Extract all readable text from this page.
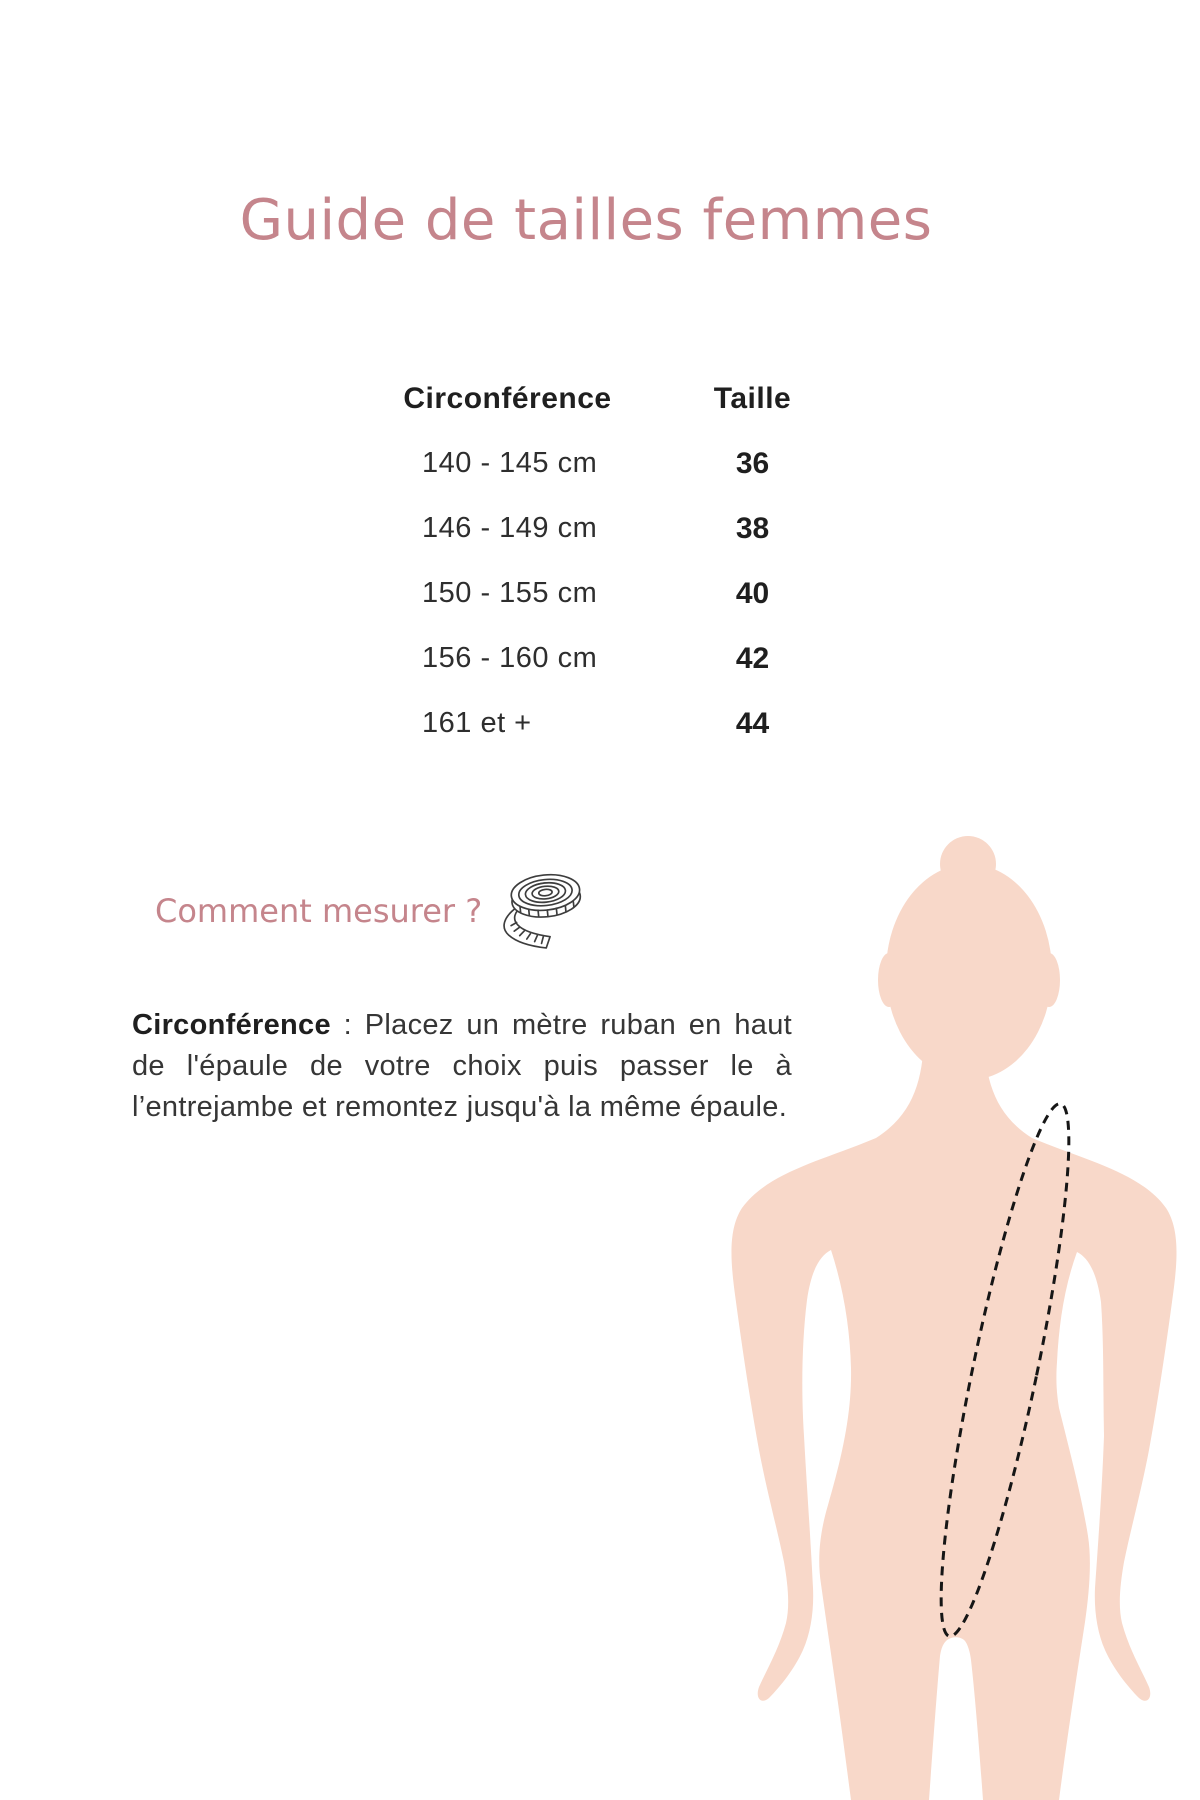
Guide de tailles femmes
Circonférence	Taille
140 - 145 cm	36
146 - 149 cm	38
150 - 155 cm	40
156 - 160 cm	42
161 et +	44
Comment mesurer ?

Circonférence : Placez un mètre ruban en haut de l'épaule de votre choix puis passer le à l’entrejambe et remontez jusqu'à la même épaule.
